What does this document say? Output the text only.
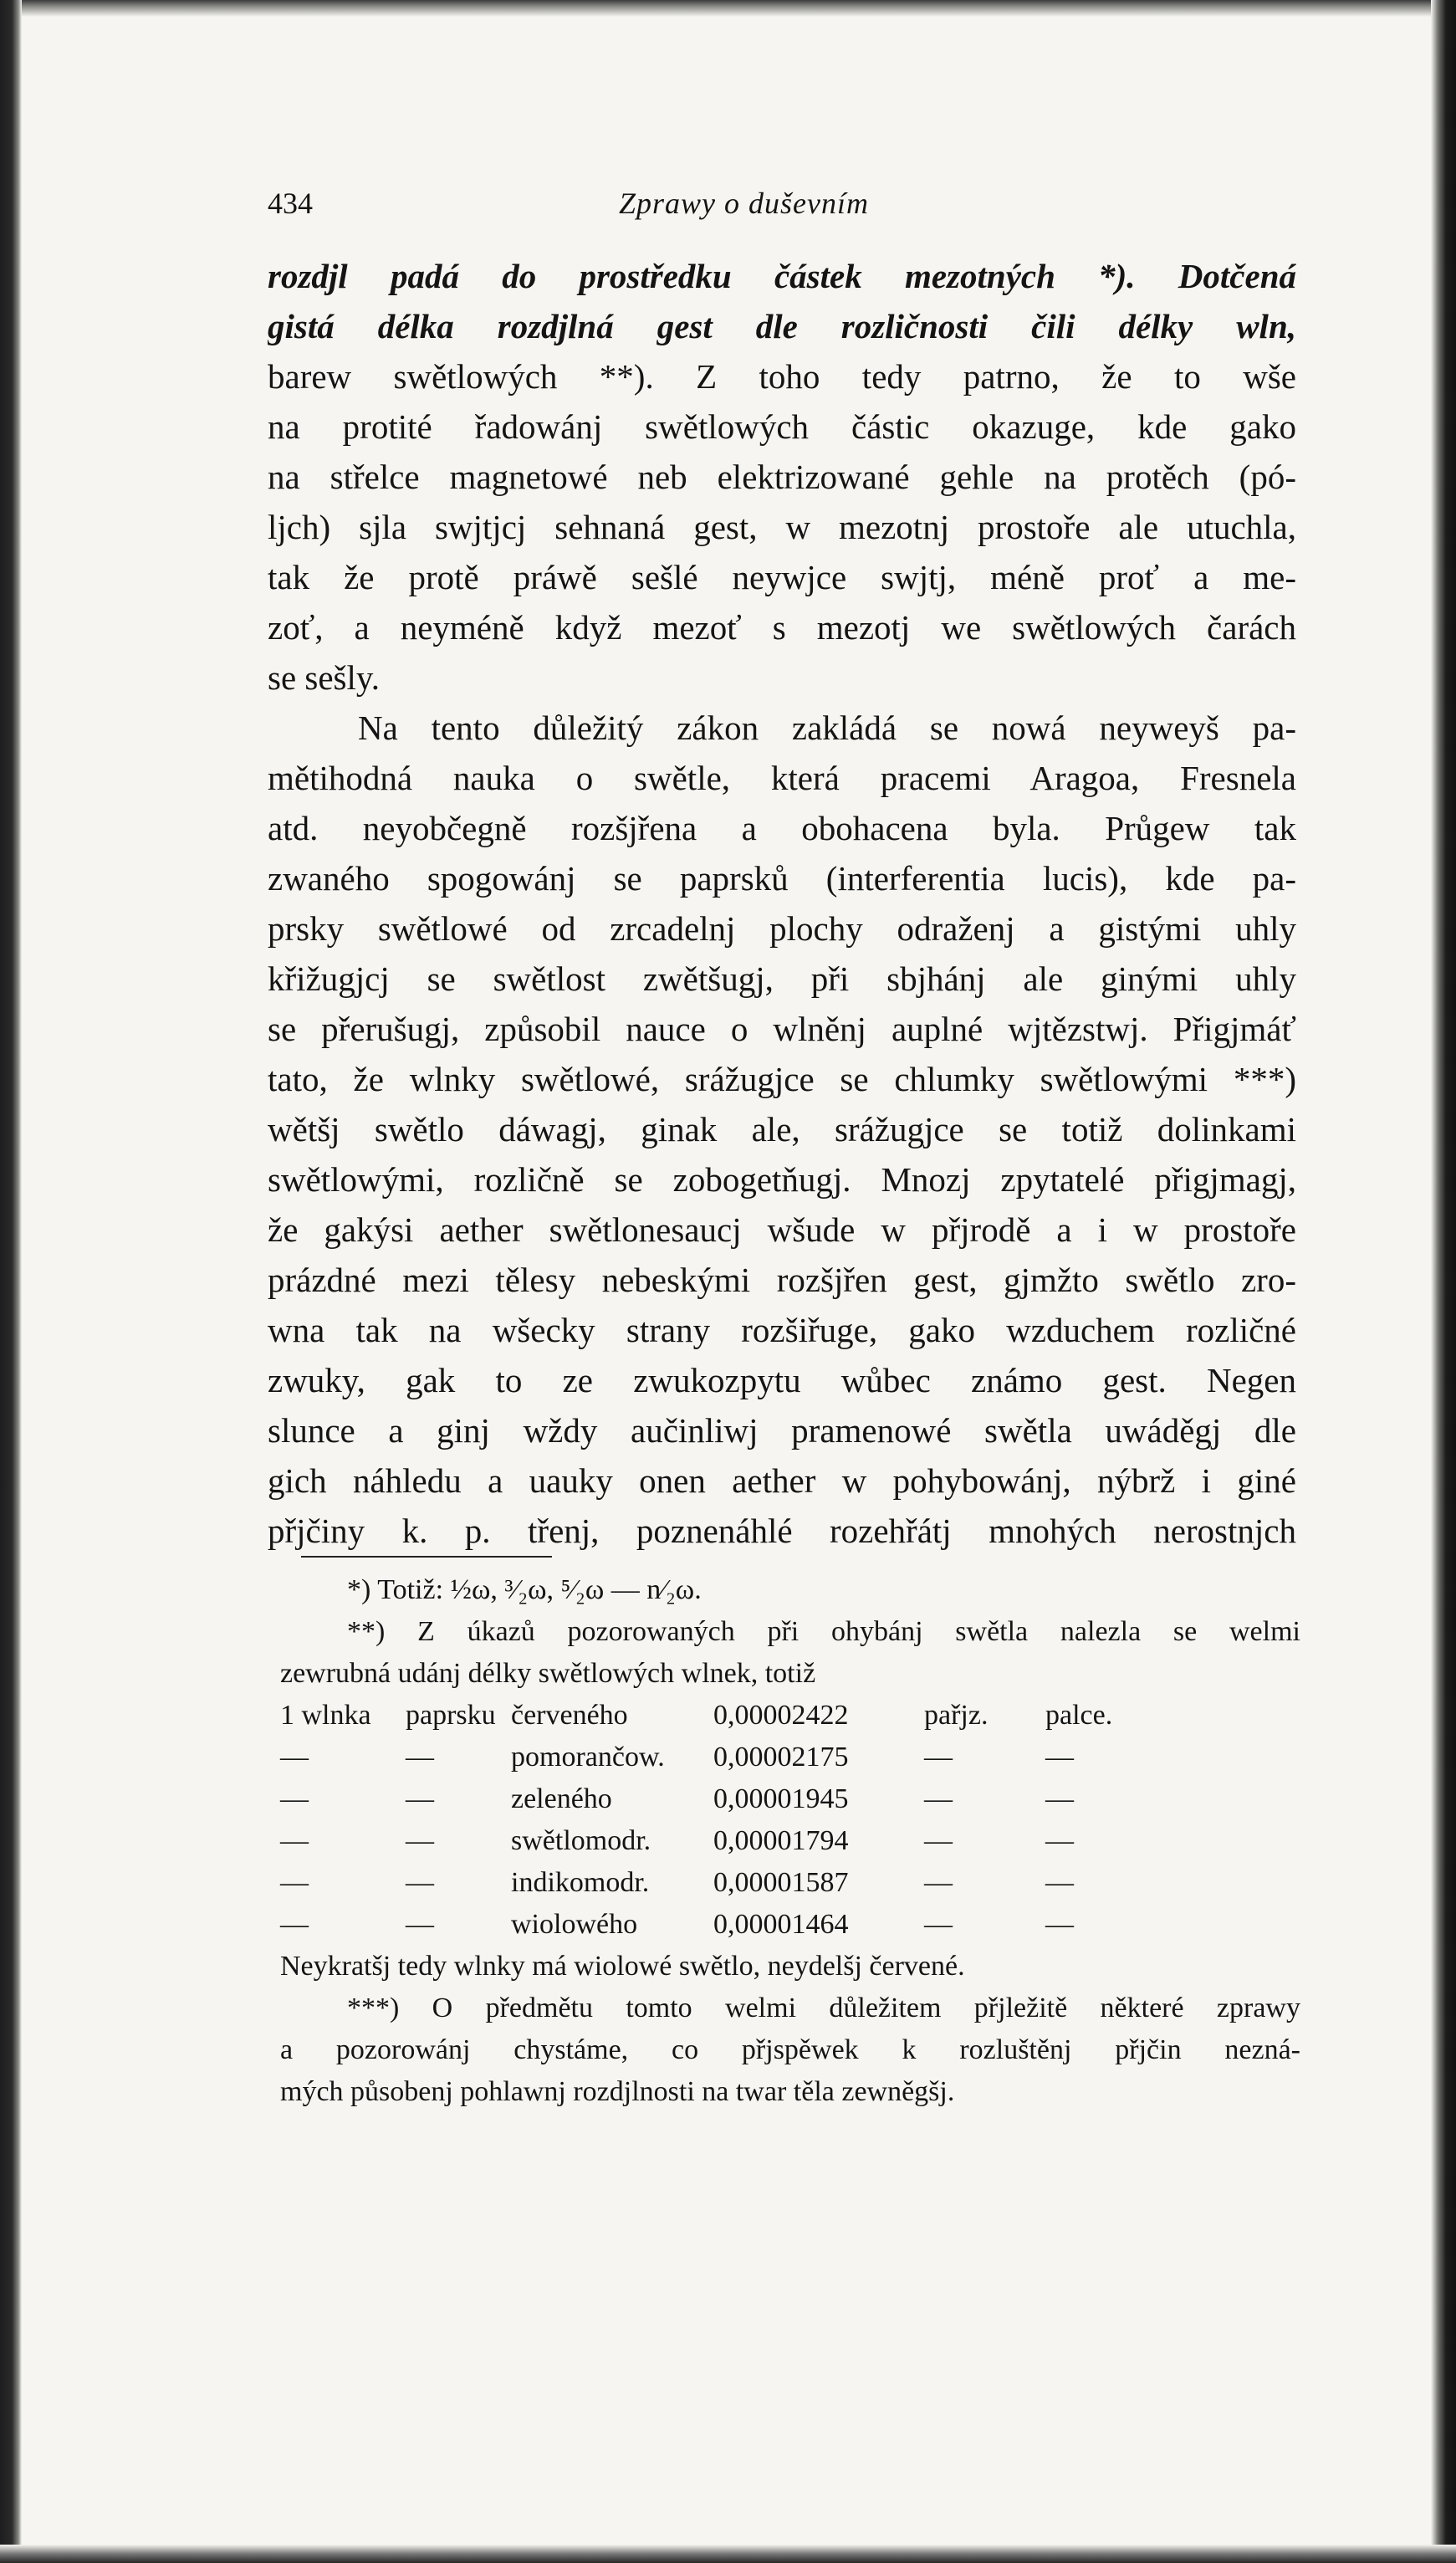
434	Zprawy o duševním
rozdjl padá do prostředku částek mezotných *). Dotčená
gistá délka rozdjlná gest dle rozličnosti čili délky wln,
barew swětlowých **). Z toho tedy patrno, že to wše
na protité řadowánj swětlowých částic okazuge, kde gako
na střelce magnetowé neb elektrizowané gehle na protěch (pó-
ljch) sjla swjtjcj sehnaná gest, w mezotnj prostoře ale utuchla,
tak že protě práwě sešlé neywjce swjtj, méně proť a me-
zoť, a neyméně když mezoť s mezotj we swětlowých čarách
se sešly.
Na tento důležitý zákon zakládá se nowá neyweyš pa-
mětihodná nauka o swětle, která pracemi Aragoa, Fresnela
atd. neyobčegně rozšjřena a obohacena byla. Průgew tak
zwaného spogowánj se paprsků (interferentia lucis), kde pa-
prsky swětlowé od zrcadelnj plochy odraženj a gistými uhly
křižugjcj se swětlost zwětšugj, při sbjhánj ale ginými uhly
se přerušugj, způsobil nauce o wlněnj auplné wjtězstwj. Přigjmáť
tato, že wlnky swětlowé, srážugjce se chlumky swětlowými ***)
wětšj swětlo dáwagj, ginak ale, srážugjce se totiž dolinkami
swětlowými, rozličně se zobogetňugj. Mnozj zpytatelé přigjmagj,
že gakýsi aether swětlonesaucj wšude w přjrodě a i w prostoře
prázdné mezi tělesy nebeskými rozšjřen gest, gjmžto swětlo zro-
wna tak na wšecky strany rozšiřuge, gako wzduchem rozličné
zwuky, gak to ze zwukozpytu wůbec známo gest. Negen
slunce a ginj wždy aučinliwj pramenowé swětla uwáděgj dle
gich náhledu a uauky onen aether w pohybowánj, nýbrž i giné
přjčiny k. p. třenj, poznenáhlé rozehřátj mnohých nerostnjch
*) Totiž: ½ω, ³⁄₂ω, ⁵⁄₂ω — n⁄₂ω.
**) Z úkazů pozorowaných při ohybánj swětla nalezla se welmi
zewrubná udánj délky swětlowých wlnek, totiž
1 wlnka paprsku červeného	0,00002422	pařjz. palce.
—	—	pomorančow. 0,00002175	—	—
—	—	zeleného	0,00001945	—	—
—	—	swětlomodr. 0,00001794	—	—
—	—	indikomodr. 0,00001587	—	—
—	—	wiolowého	0,00001464	—	—
Neykratšj tedy wlnky má wiolowé swětlo, neydelšj červené.
***) O předmětu tomto welmi důležitem přjležitě některé zprawy
a pozorowánj chystáme, co přjspěwek k rozluštěnj přjčin nezná-
mých působenj pohlawnj rozdjlnosti na twar těla zewněgšj.
